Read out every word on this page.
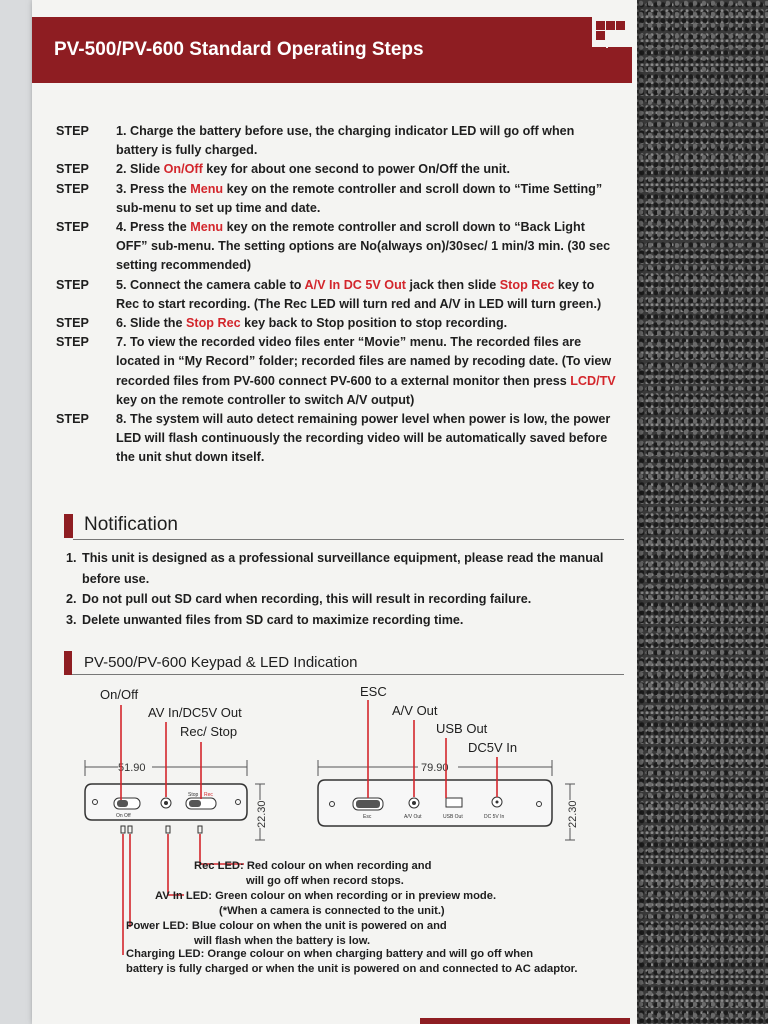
PV-500/PV-600 Standard Operating Steps
STEP	1. Charge the battery before use, the charging indicator LED will go off when battery is fully charged.
STEP	2. Slide On/Off key for about one second to power On/Off the unit.
STEP	3. Press the Menu key on the remote controller and scroll down to “Time Setting” sub-menu to set up time and date.
STEP	4. Press the Menu key on the remote controller and scroll down to “Back Light OFF” sub-menu. The setting options are No(always on)/30sec/ 1 min/3 min. (30 sec setting recommended)
STEP	5. Connect the camera cable to A/V In DC 5V Out jack then slide Stop Rec key to Rec to start recording. (The Rec LED will turn red and A/V in LED will turn green.)
STEP	6. Slide the Stop Rec key back to Stop position to stop recording.
STEP	7. To view the recorded video files enter “Movie” menu. The recorded files are located in “My Record” folder; recorded files are named by recoding date. (To view recorded files from PV-600 connect PV-600 to a external monitor then press LCD/TV key on the remote controller to switch A/V output)
STEP	8. The system will auto detect remaining power level when power is low, the power LED will flash continuously the recording video will be automatically saved before the unit shut down itself.
Notification
1. This unit is designed as a professional surveillance equipment, please read the manual before use.
2. Do not pull out SD card when recording, this will result in recording failure.
3. Delete unwanted files from SD card to maximize recording time.
PV-500/PV-600 Keypad & LED Indication
On/Off
AV In/DC5V Out
Rec/ Stop
ESC
A/V Out
USB Out
DC5V In
51.90	79.90
22.30	22.30
On Off
Stop Rec
Esc	A/V Out	USB Out	DC 5V In
Rec LED: Red colour on when recording and
will go off when record stops.
AV In LED: Green colour on when recording or in preview mode.
(*When a camera is connected to the unit.)
Power LED: Blue colour on when the unit is powered on and
will flash when the battery is low.
Charging LED: Orange colour on when charging battery and will go off when
battery is fully charged or when the unit is powered on and connected to AC adaptor.
